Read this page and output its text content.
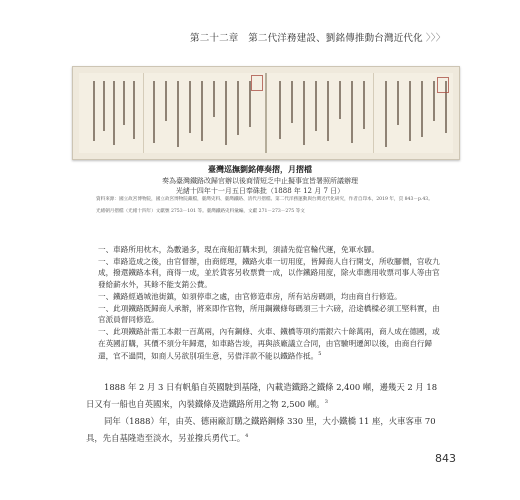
第二十二章　第二代洋務建設、劉銘傳推動台灣近代化 〉〉〉
臺灣巡撫劉銘傳奏摺，月摺檔
奏為臺灣鐵路改歸官辦以後商情短乏中止擬事宜皆署照所議辦理
光緒十四年十一月五日奉硃批（1888 年 12 月 7 日）
資料來源：國立故宮博物院，國立故宮博物院藏檔，臺灣史料、臺灣鐵路、清代月摺檔、第二代洋務運動與台灣近代化研究，作者自印本，2019 年，頁 843－p.43。
光緒朝月摺檔（光緒十四年）文獻號 2753－101 等。臺灣鐵路史料彙編，文獻 271－273－275 等文
一、車路所用枕木，為數過多，現在商船訂購未到，須請先從官輪代運，免軍水腳。
一、車路造成之後，由官督辦，由商經理，鐵路火車一切用度，皆歸商人自行開支，所收腳價，官收九成，撥還鐵路本利，商得一成，並於貨客另收票費一成，以作鐵路用度，除火車應用收票司事人等由官發給薪水外，其餘不能支銷公費。
一、鐵路經過城池街鎮，如須停車之處，由官修造車房，所有站房碼頭，均由商自行修造。
一、此項鐵路既歸商人承辦，將來即作官物，所用鋼鐵條每碼須三十六磅，沿途橋樑必須工堅料實，由官派員督同修造。
一、此項鐵路計需工本銀一百萬兩，內有鋼條、火車、鐵橋等項約需銀六十餘萬兩，商人成在德國，或在英國訂購，其價不須分年歸還，如車路告竣，再與該廠議立合同，由官驗明遷卸以後，由商自行歸還，官不過問，如商人另欲別項生意，另借洋款不能以鐵路作抵。$^5$

1888 年 2 月 3 日有帆船自英國駛到基隆，內載造鐵路之鐵條 2,400 噸，邊幾天 2 月 18 日又有一船也自英國來，內裝鐵條及造鐵路所用之物 2,500 噸。$^3$

同年（1888）年，由英、德兩廠訂購之鐵路鋼條 330 里，大小鐵橋 11 座，火車客車 70 具，先自基隆造至淡水，另並撥兵勇代工。$^4$

843
